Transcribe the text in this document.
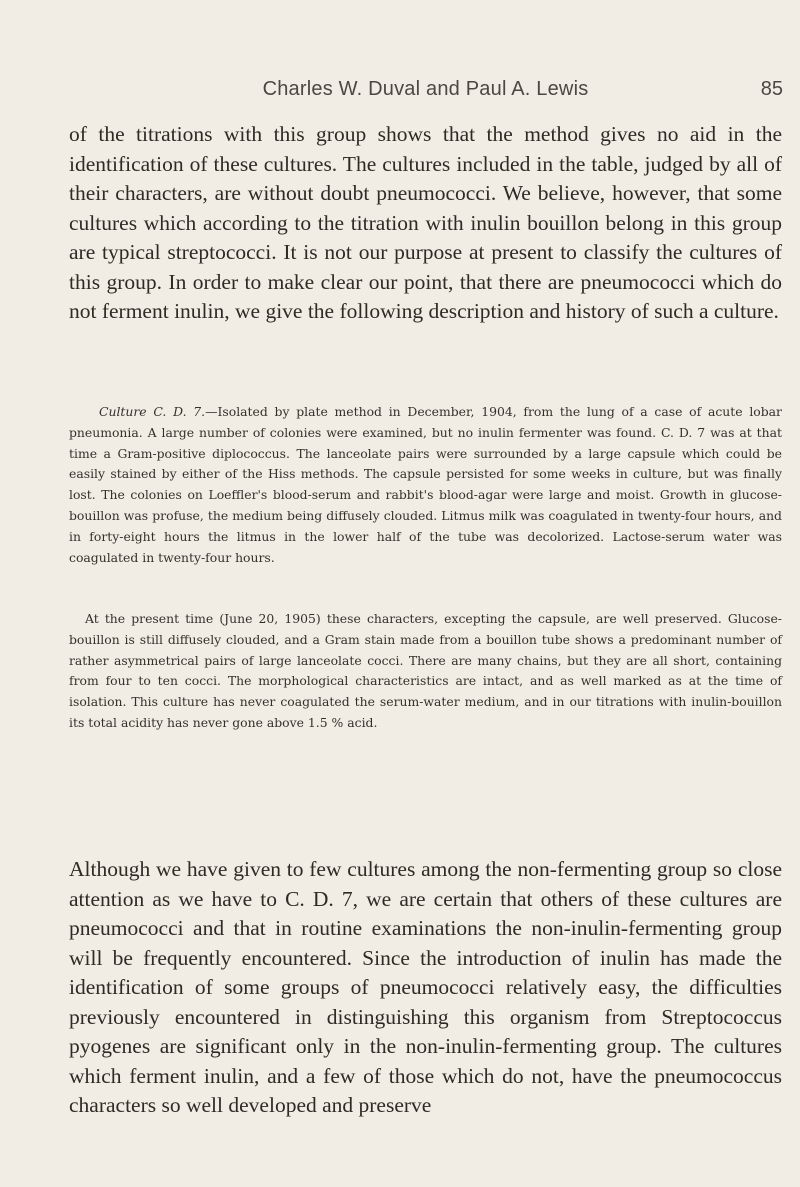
Charles W. Duval and Paul A. Lewis	85

of the titrations with this group shows that the method gives no aid in the identification of these cultures. The cultures included in the table, judged by all of their characters, are without doubt pneumococci. We believe, however, that some cultures which according to the titration with inulin bouillon belong in this group are typical streptococci. It is not our purpose at present to classify the cultures of this group. In order to make clear our point, that there are pneumococci which do not ferment inulin, we give the following description and history of such a culture.

Culture C. D. 7.—Isolated by plate method in December, 1904, from the lung of a case of acute lobar pneumonia. A large number of colonies were examined, but no inulin fermenter was found. C. D. 7 was at that time a Gram-positive diplococcus. The lanceolate pairs were surrounded by a large capsule which could be easily stained by either of the Hiss methods. The capsule persisted for some weeks in culture, but was finally lost. The colonies on Loeffler's blood-serum and rabbit's blood-agar were large and moist. Growth in glucose-bouillon was profuse, the medium being diffusely clouded. Litmus milk was coagulated in twenty-four hours, and in forty-eight hours the litmus in the lower half of the tube was decolorized. Lactose-serum water was coagulated in twenty-four hours.

At the present time (June 20, 1905) these characters, excepting the capsule, are well preserved. Glucose-bouillon is still diffusely clouded, and a Gram stain made from a bouillon tube shows a predominant number of rather asymmetrical pairs of large lanceolate cocci. There are many chains, but they are all short, containing from four to ten cocci. The morphological characteristics are intact, and as well marked as at the time of isolation. This culture has never coagulated the serum-water medium, and in our titrations with inulin-bouillon its total acidity has never gone above 1.5 % acid.

Although we have given to few cultures among the non-fermenting group so close attention as we have to C. D. 7, we are certain that others of these cultures are pneumococci and that in routine examinations the non-inulin-fermenting group will be frequently encountered. Since the introduction of inulin has made the identification of some groups of pneumococci relatively easy, the difficulties previously encountered in distinguishing this organism from Streptococcus pyogenes are significant only in the non-inulin-fermenting group. The cultures which ferment inulin, and a few of those which do not, have the pneumococcus characters so well developed and preserve
